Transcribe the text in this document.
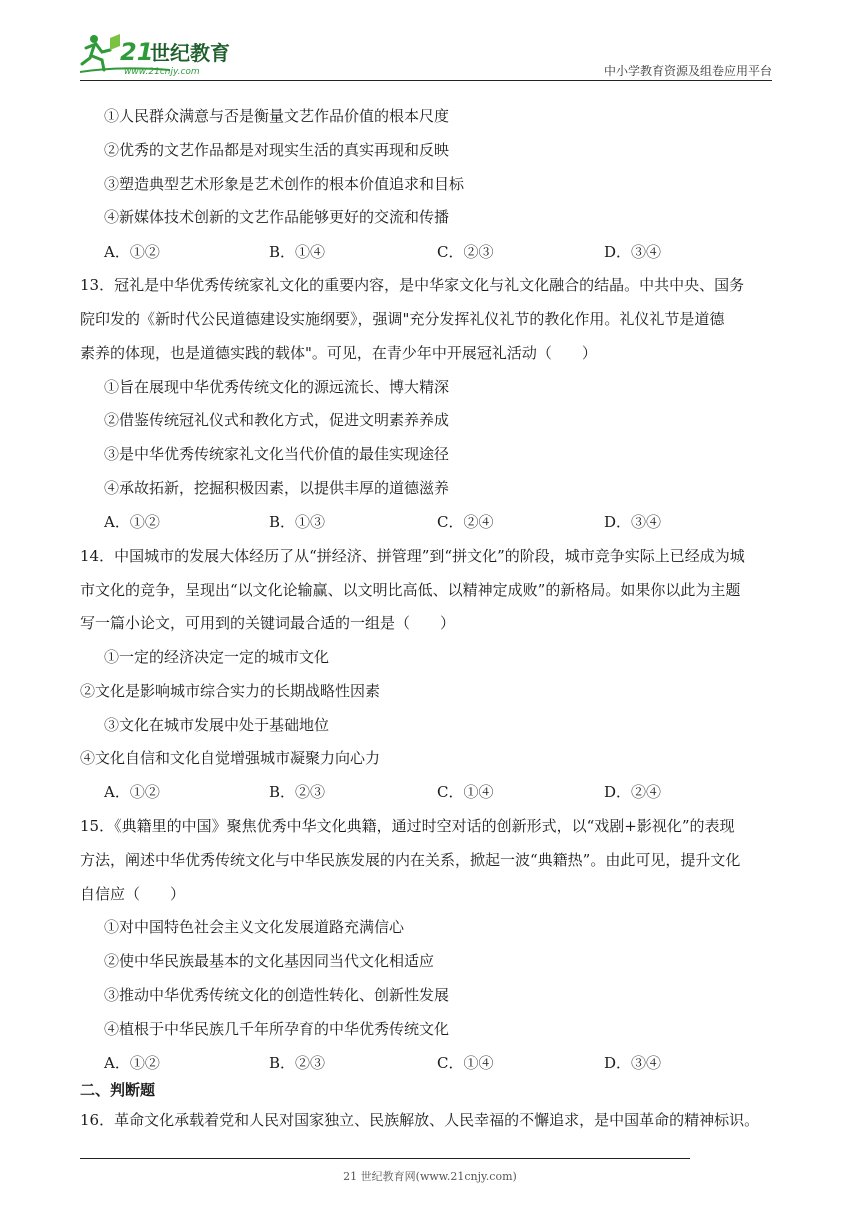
21
世纪教育
www.21cnjy.com	中小学教育资源及组卷应用平台
①人民群众满意与否是衡量文艺作品价值的根本尺度
②优秀的文艺作品都是对现实生活的真实再现和反映
③塑造典型艺术形象是艺术创作的根本价值追求和目标
④新媒体技术创新的文艺作品能够更好的交流和传播
A．①②	B．①④	C．②③	D．③④
13．冠礼是中华优秀传统家礼文化的重要内容，是中华家文化与礼文化融合的结晶。中共中央、国务
院印发的《新时代公民道德建设实施纲要》，强调"充分发挥礼仪礼节的教化作用。礼仪礼节是道德
素养的体现，也是道德实践的载体"。可见，在青少年中开展冠礼活动（　　）
①旨在展现中华优秀传统文化的源远流长、博大精深
②借鉴传统冠礼仪式和教化方式，促进文明素养养成
③是中华优秀传统家礼文化当代价值的最佳实现途径
④承故拓新，挖掘积极因素，以提供丰厚的道德滋养
A．①②	B．①③	C．②④	D．③④
14．中国城市的发展大体经历了从“拼经济、拼管理”到“拼文化”的阶段，城市竞争实际上已经成为城
市文化的竞争，呈现出“以文化论输赢、以文明比高低、以精神定成败”的新格局。如果你以此为主题
写一篇小论文，可用到的关键词最合适的一组是（　　）
①一定的经济决定一定的城市文化
②文化是影响城市综合实力的长期战略性因素
③文化在城市发展中处于基础地位
④文化自信和文化自觉增强城市凝聚力向心力
A．①②	B．②③	C．①④	D．②④
15．《典籍里的中国》聚焦优秀中华文化典籍，通过时空对话的创新形式，以“戏剧+影视化”的表现
方法，阐述中华优秀传统文化与中华民族发展的内在关系，掀起一波“典籍热”。由此可见，提升文化
自信应（　　）
①对中国特色社会主义文化发展道路充满信心
②使中华民族最基本的文化基因同当代文化相适应
③推动中华优秀传统文化的创造性转化、创新性发展
④植根于中华民族几千年所孕育的中华优秀传统文化
A．①②	B．②③	C．①④	D．③④
二、判断题
16．革命文化承载着党和人民对国家独立、民族解放、人民幸福的不懈追求，是中国革命的精神标识。
21 世纪教育网(www.21cnjy.com)
